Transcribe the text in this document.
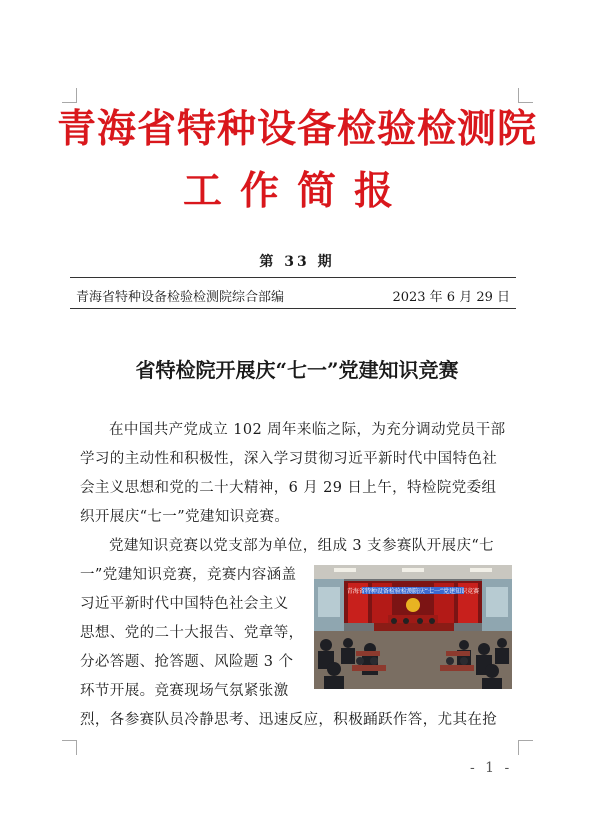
青海省特种设备检验检测院
工作简报
第 33 期
青海省特种设备检验检测院综合部编	2023 年 6 月 29 日
省特检院开展庆“七一”党建知识竞赛
在中国共产党成立 102 周年来临之际，为充分调动党员干部
学习的主动性和积极性，深入学习贯彻习近平新时代中国特色社
会主义思想和党的二十大精神，6 月 29 日上午，特检院党委组
织开展庆“七一”党建知识竞赛。
党建知识竞赛以党支部为单位，组成 3 支参赛队开展庆“七
一”党建知识竞赛，竞赛内容涵盖
习近平新时代中国特色社会主义
思想、党的二十大报告、党章等，
分必答题、抢答题、风险题 3 个
环节开展。竞赛现场气氛紧张激
烈，各参赛队员冷静思考、迅速反应，积极踊跃作答，尤其在抢
青海省特种设备检验检测院庆“七一”党建知识竞赛
- 1 -
